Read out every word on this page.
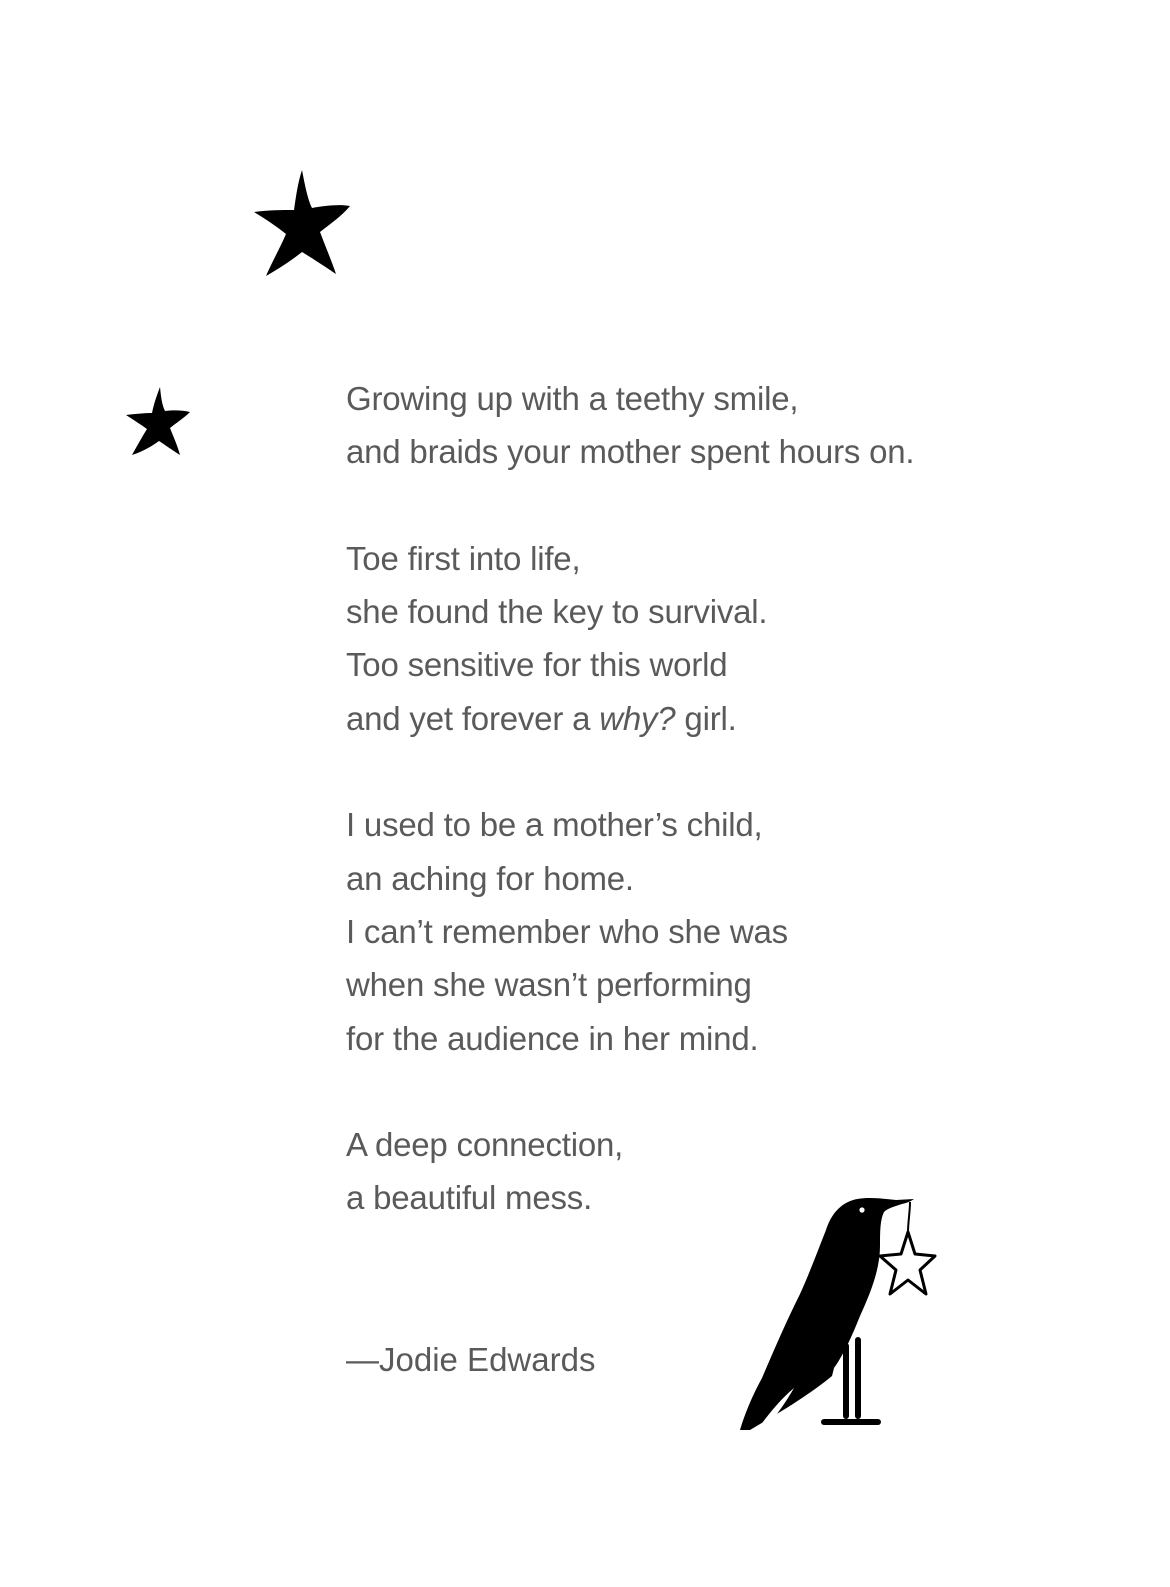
Growing up with a teethy smile,
and braids your mother spent hours on.
Toe first into life,
she found the key to survival.
Too sensitive for this world
and yet forever a why? girl.
I used to be a mother’s child,
an aching for home.
I can’t remember who she was
when she wasn’t performing
for the audience in her mind.
A deep connection,
a beautiful mess.
—Jodie Edwards
